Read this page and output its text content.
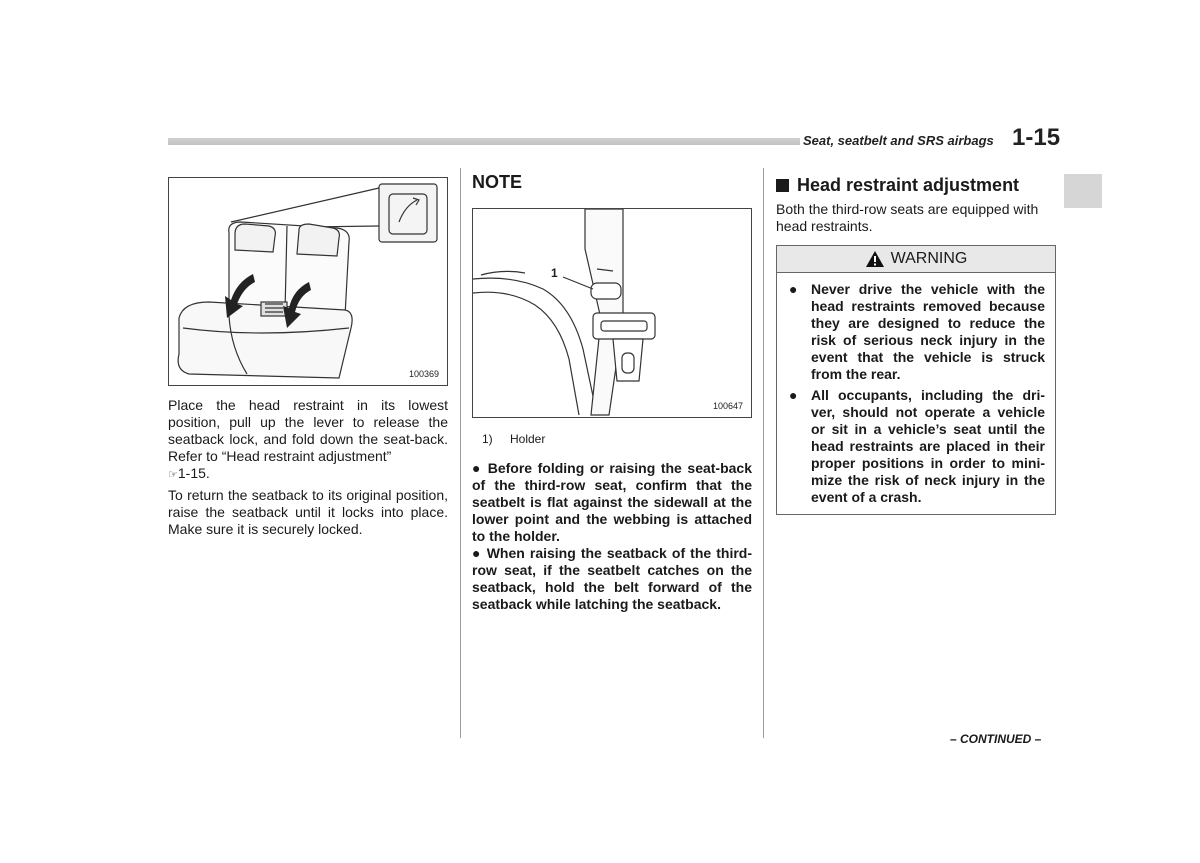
Seat, seatbelt and SRS airbags 1-15
100369

Place the head restraint in its lowest position, pull up the lever to release the seatback lock, and fold down the seat-back. Refer to “Head restraint adjustment”
☞1-15.

To return the seatback to its original position, raise the seatback until it locks into place. Make sure it is securely locked.

NOTE

1
100647
1) Holder

● Before folding or raising the seat-back of the third-row seat, confirm that the seatbelt is flat against the sidewall at the lower point and the webbing is attached to the holder.

● When raising the seatback of the third-row seat, if the seatbelt catches on the seatback, hold the belt forward of the seatback while latching the seatback.

Head restraint adjustment

Both the third-row seats are equipped with head restraints.
WARNING
● Never drive the vehicle with the head restraints removed because they are designed to reduce the risk of serious neck injury in the event that the vehicle is struck from the rear.
● All occupants, including the dri-ver, should not operate a vehicle or sit in a vehicle’s seat until the head restraints are placed in their proper positions in order to mini-mize the risk of neck injury in the event of a crash.
– CONTINUED –
